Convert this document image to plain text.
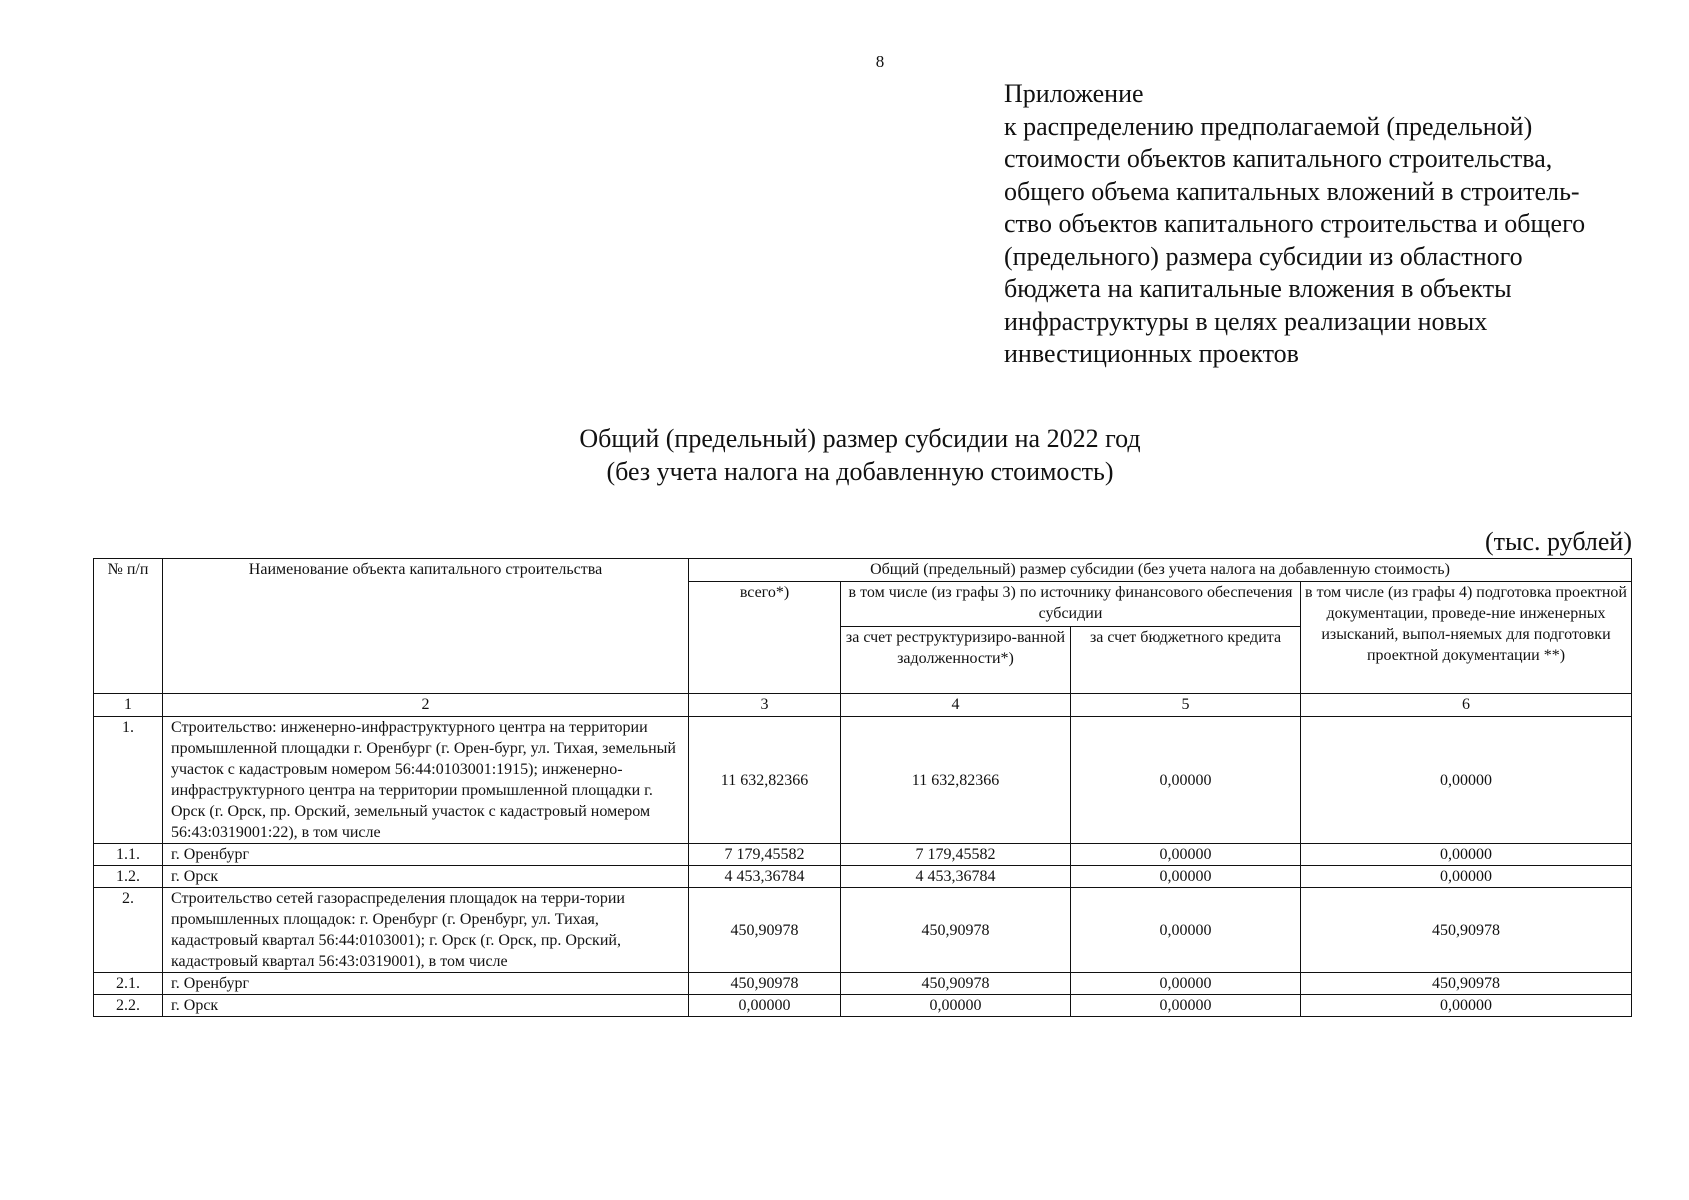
8
Приложение
к распределению предполагаемой (предельной)
стоимости объектов капитального строительства,
общего объема капитальных вложений в строитель-
ство объектов капитального строительства и общего
(предельного) размера субсидии из областного
бюджета на капитальные вложения в объекты
инфраструктуры в целях реализации новых
инвестиционных проектов
Общий (предельный) размер субсидии на 2022 год
(без учета налога на добавленную стоимость)
(тыс. рублей)
№ п/п	Наименование объекта капитального строительства	Общий (предельный) размер субсидии (без учета налога на добавленную стоимость)			
		всего*)	в том числе (из графы 3) по источнику финансового обеспечения субсидии		в том числе (из графы 4) подготовка проектной документации, проведе-ние инженерных изысканий, выпол-няемых для подготовки проектной документации **)
			за счет реструктуризиро-ванной задолженности*)	за счет бюджетного кредита	
1	2	3	4	5	6
1.	Строительство: инженерно-инфраструктурного центра на территории промышленной площадки г. Оренбург (г. Орен-бург, ул. Тихая, земельный участок с кадастровым номером 56:44:0103001:1915); инженерно-инфраструктурного центра на территории промышленной площадки г. Орск (г. Орск, пр. Орский, земельный участок с кадастровый номером 56:43:0319001:22), в том числе	11 632,82366	11 632,82366	0,00000	0,00000
1.1.	г. Оренбург	7 179,45582	7 179,45582	0,00000	0,00000
1.2.	г. Орск	4 453,36784	4 453,36784	0,00000	0,00000
2.	Строительство сетей газораспределения площадок на терри-тории промышленных площадок: г. Оренбург (г. Оренбург, ул. Тихая, кадастровый квартал 56:44:0103001); г. Орск (г. Орск, пр. Орский, кадастровый квартал 56:43:0319001), в том числе	450,90978	450,90978	0,00000	450,90978
2.1.	г. Оренбург	450,90978	450,90978	0,00000	450,90978
2.2.	г. Орск	0,00000	0,00000	0,00000	0,00000
